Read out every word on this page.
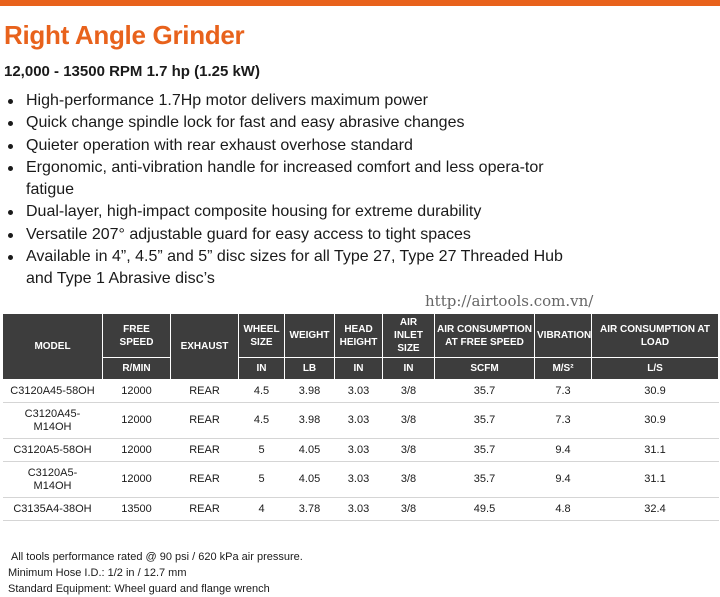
Right Angle Grinder
12,000 - 13500 RPM 1.7 hp (1.25 kW)
High-performance 1.7Hp motor delivers maximum power
Quick change spindle lock for fast and easy abrasive changes
Quieter operation with rear exhaust overhose standard
Ergonomic, anti-vibration handle for increased comfort and less opera-tor fatigue
Dual-layer, high-impact composite housing for extreme durability
Versatile 207° adjustable guard for easy access to tight spaces
Available in 4”, 4.5” and 5” disc sizes for all Type 27, Type 27 Threaded Hub and Type 1 Abrasive disc’s
http://airtools.com.vn/
MODEL	FREE SPEED	EXHAUST	WHEEL SIZE	WEIGHT	HEAD HEIGHT	AIR INLET SIZE	AIR CONSUMPTION AT FREE SPEED	VIBRATION	AIR CONSUMPTION AT LOAD
	R/MIN		IN	LB	IN	IN	SCFM	M/S²	L/S
C3120A45-58OH	12000	REAR	4.5	3.98	3.03	3/8	35.7	7.3	30.9
C3120A45-M14OH	12000	REAR	4.5	3.98	3.03	3/8	35.7	7.3	30.9
C3120A5-58OH	12000	REAR	5	4.05	3.03	3/8	35.7	9.4	31.1
C3120A5-M14OH	12000	REAR	5	4.05	3.03	3/8	35.7	9.4	31.1
C3135A4-38OH	13500	REAR	4	3.78	3.03	3/8	49.5	4.8	32.4
All tools performance rated @ 90 psi / 620 kPa air pressure.
Minimum Hose I.D.: 1/2 in / 12.7 mm
Standard Equipment: Wheel guard and flange wrench
